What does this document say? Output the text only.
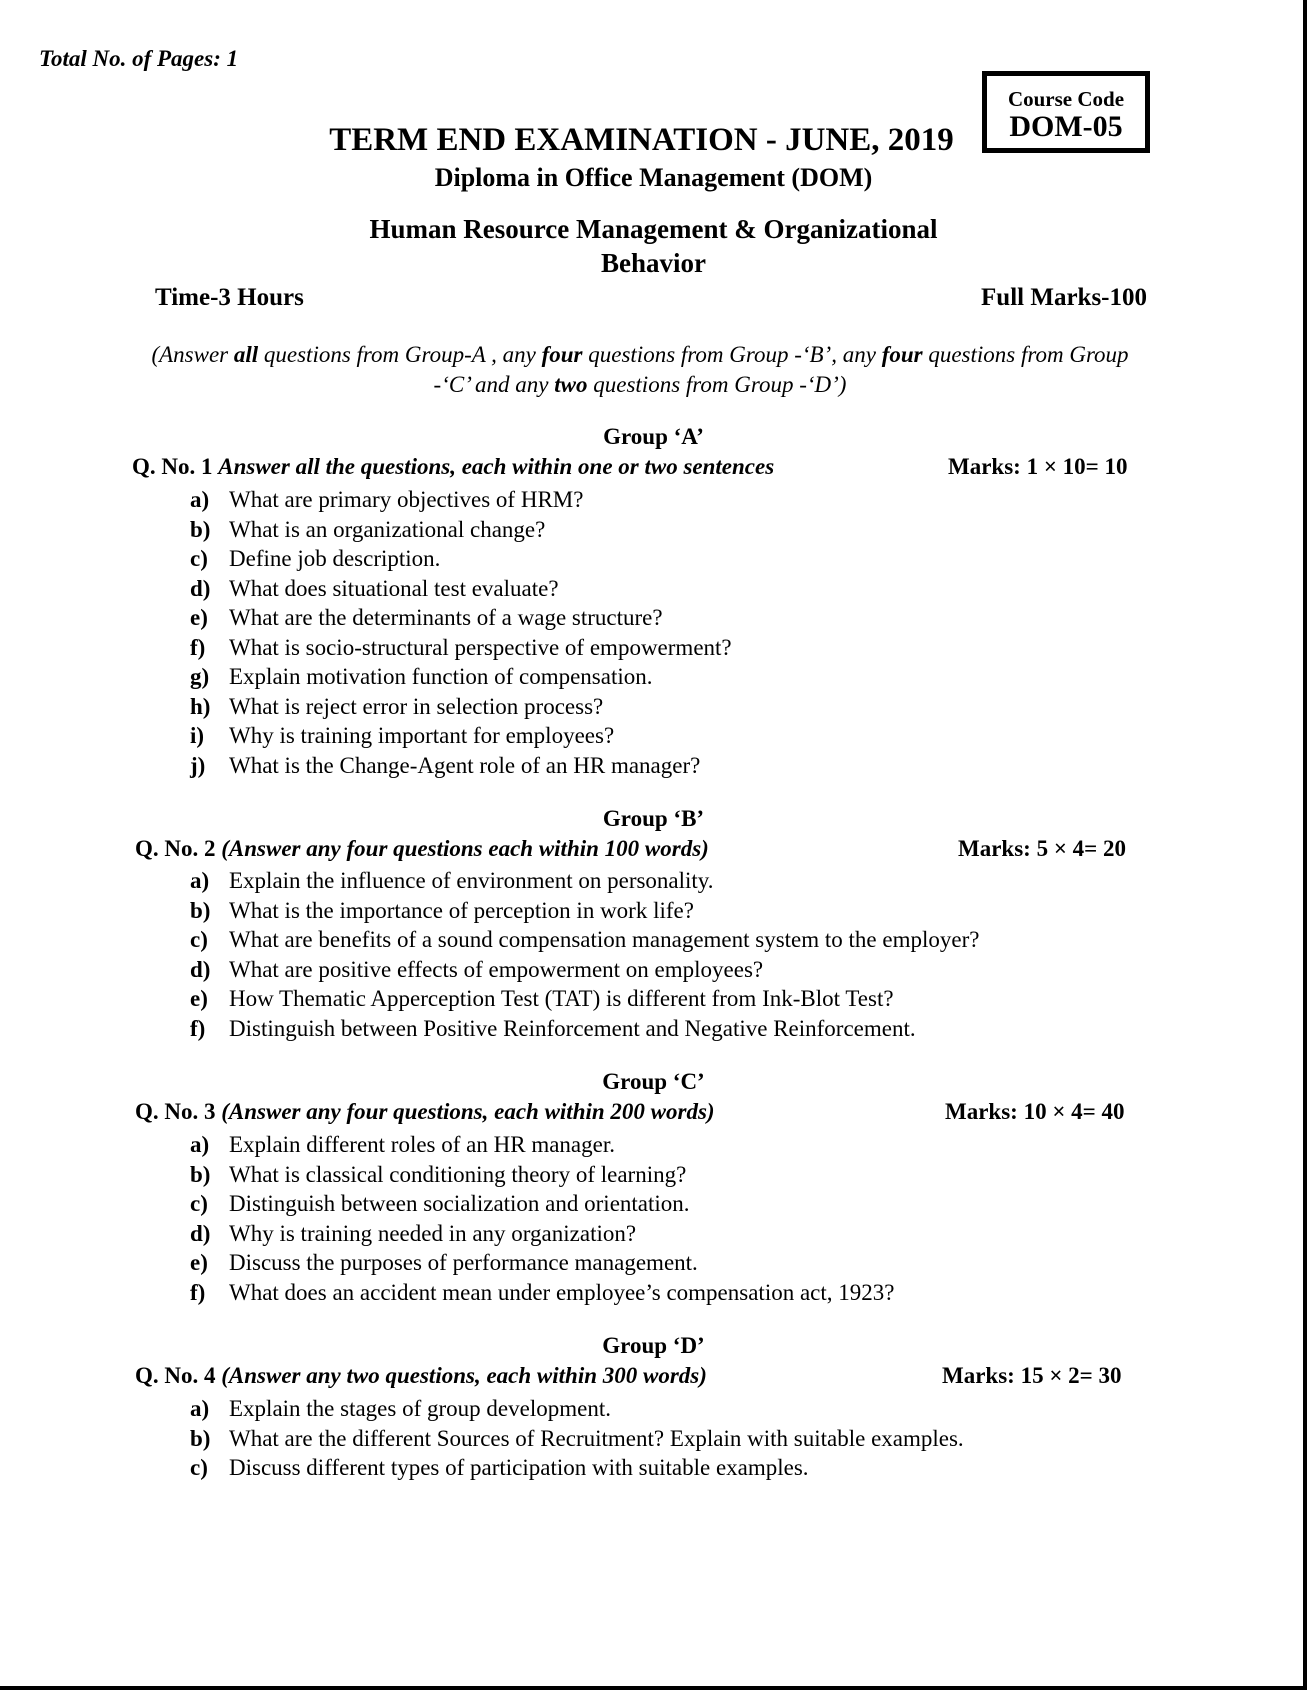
Total No. of Pages: 1
Course Code
DOM-05
TERM END EXAMINATION - JUNE, 2019
Diploma in Office Management (DOM)
Human Resource Management & Organizational
Behavior
Time-3 Hours	Full Marks-100
(Answer all questions from Group-A , any four questions from Group -‘B’, any four questions from Group -‘C’ and any two questions from Group -‘D’)
Group ‘A’
Q. No. 1 Answer all the questions, each within one or two sentences	Marks: 1 × 10= 10
a) What are primary objectives of HRM?
b) What is an organizational change?
c) Define job description.
d) What does situational test evaluate?
e) What are the determinants of a wage structure?
f) What is socio-structural perspective of empowerment?
g) Explain motivation function of compensation.
h) What is reject error in selection process?
i) Why is training important for employees?
j) What is the Change-Agent role of an HR manager?
Group ‘B’
Q. No. 2 (Answer any four questions each within 100 words)	Marks: 5 × 4= 20
a) Explain the influence of environment on personality.
b) What is the importance of perception in work life?
c) What are benefits of a sound compensation management system to the employer?
d) What are positive effects of empowerment on employees?
e) How Thematic Apperception Test (TAT) is different from Ink-Blot Test?
f) Distinguish between Positive Reinforcement and Negative Reinforcement.
Group ‘C’
Q. No. 3 (Answer any four questions, each within 200 words)	Marks: 10 × 4= 40
a) Explain different roles of an HR manager.
b) What is classical conditioning theory of learning?
c) Distinguish between socialization and orientation.
d) Why is training needed in any organization?
e) Discuss the purposes of performance management.
f) What does an accident mean under employee’s compensation act, 1923?
Group ‘D’
Q. No. 4 (Answer any two questions, each within 300 words)	Marks: 15 × 2= 30
a) Explain the stages of group development.
b) What are the different Sources of Recruitment? Explain with suitable examples.
c) Discuss different types of participation with suitable examples.
